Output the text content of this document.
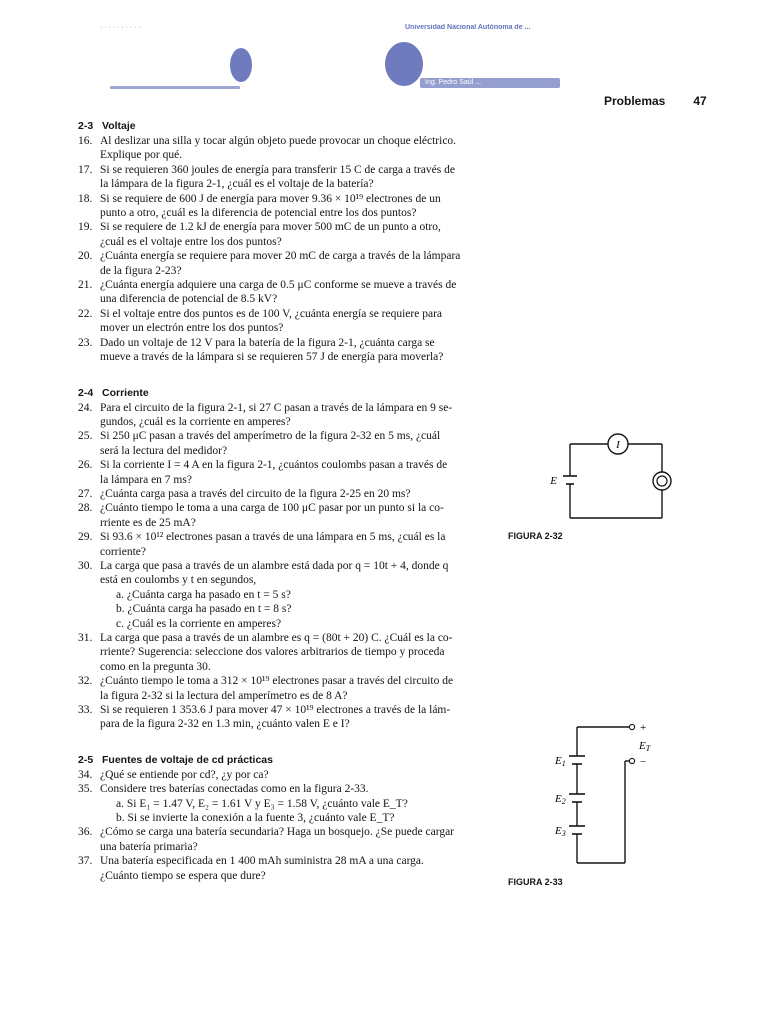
· · · · · · · · · ·	Universidad Nacional Autónoma de ...
Ing. Pedro Saúl ...
Problemas 47
2-3 Voltaje
16. Al deslizar una silla y tocar algún objeto puede provocar un choque eléctrico.
Explique por qué.
17. Si se requieren 360 joules de energía para transferir 15 C de carga a través de
la lámpara de la figura 2-1, ¿cuál es el voltaje de la batería?
18. Si se requiere de 600 J de energía para mover 9.36 × 10¹⁹ electrones de un
punto a otro, ¿cuál es la diferencia de potencial entre los dos puntos?
19. Si se requiere de 1.2 kJ de energía para mover 500 mC de un punto a otro,
¿cuál es el voltaje entre los dos puntos?
20. ¿Cuánta energía se requiere para mover 20 mC de carga a través de la lámpara
de la figura 2-23?
21. ¿Cuánta energía adquiere una carga de 0.5 μC conforme se mueve a través de
una diferencia de potencial de 8.5 kV?
22. Si el voltaje entre dos puntos es de 100 V, ¿cuánta energía se requiere para
mover un electrón entre los dos puntos?
23. Dado un voltaje de 12 V para la batería de la figura 2-1, ¿cuánta carga se
mueve a través de la lámpara si se requieren 57 J de energía para moverla?
2-4 Corriente
24. Para el circuito de la figura 2-1, si 27 C pasan a través de la lámpara en 9 se-
gundos, ¿cuál es la corriente en amperes?
25. Si 250 μC pasan a través del amperímetro de la figura 2-32 en 5 ms, ¿cuál
será la lectura del medidor?
26. Si la corriente I = 4 A en la figura 2-1, ¿cuántos coulombs pasan a través de
la lámpara en 7 ms?
27. ¿Cuánta carga pasa a través del circuito de la figura 2-25 en 20 ms?
28. ¿Cuánto tiempo le toma a una carga de 100 μC pasar por un punto si la co-
rriente es de 25 mA?
29. Si 93.6 × 10¹² electrones pasan a través de una lámpara en 5 ms, ¿cuál es la
corriente?
30. La carga que pasa a través de un alambre está dada por q = 10t + 4, donde q
está en coulombs y t en segundos,
a. ¿Cuánta carga ha pasado en t = 5 s?
b. ¿Cuánta carga ha pasado en t = 8 s?
c. ¿Cuál es la corriente en amperes?
31. La carga que pasa a través de un alambre es q = (80t + 20) C. ¿Cuál es la co-
rriente? Sugerencia: seleccione dos valores arbitrarios de tiempo y proceda
como en la pregunta 30.
32. ¿Cuánto tiempo le toma a 312 × 10¹⁹ electrones pasar a través del circuito de
la figura 2-32 si la lectura del amperímetro es de 8 A?
33. Si se requieren 1 353.6 J para mover 47 × 10¹⁹ electrones a través de la lám-
para de la figura 2-32 en 1.3 min, ¿cuánto valen E e I?
2-5 Fuentes de voltaje de cd prácticas
34. ¿Qué se entiende por cd?, ¿y por ca?
35. Considere tres baterías conectadas como en la figura 2-33.
a. Si E₁ = 1.47 V, E₂ = 1.61 V y E₃ = 1.58 V, ¿cuánto vale E_T?
b. Si se invierte la conexión a la fuente 3, ¿cuánto vale E_T?
36. ¿Cómo se carga una batería secundaria? Haga un bosquejo. ¿Se puede cargar
una batería primaria?
37. Una batería especificada en 1 400 mAh suministra 28 mA a una carga.
¿Cuánto tiempo se espera que dure?
I
E
FIGURA 2-32
+
−
ET
E1
E2
E3
FIGURA 2-33
